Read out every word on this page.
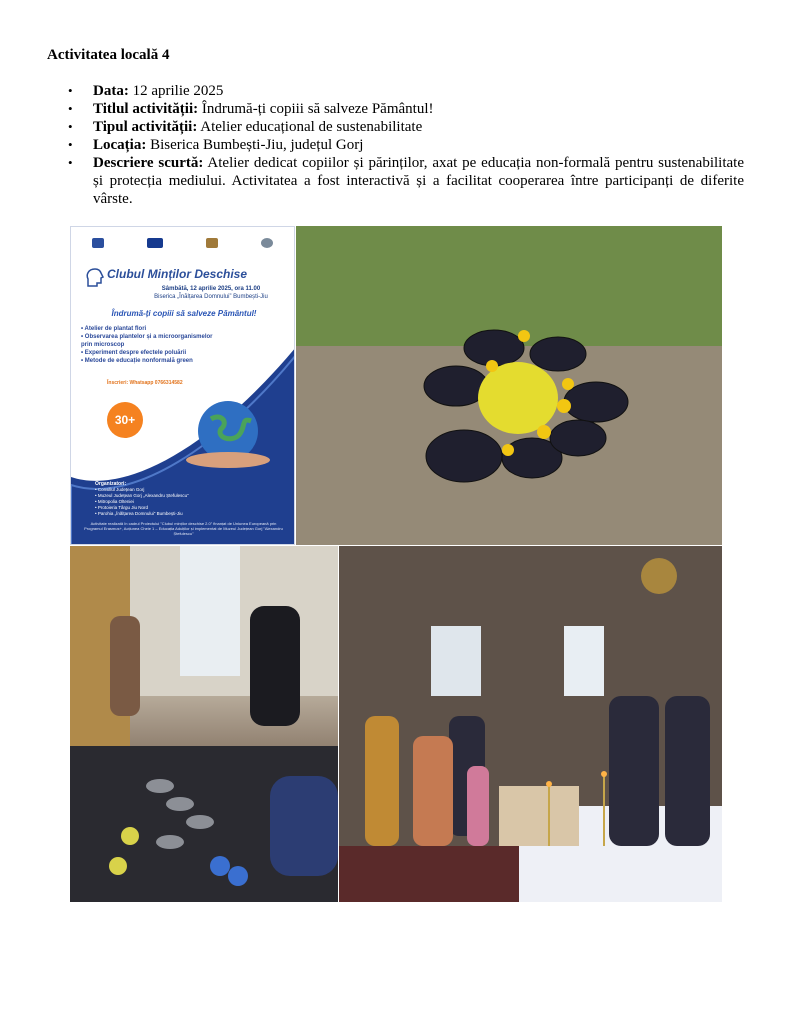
Activitatea locală 4
• Data: 12 aprilie 2025
• Titlul activității: Îndrumă-ți copiii să salveze Pământul!
• Tipul activității: Atelier educațional de sustenabilitate
• Locația: Biserica Bumbești-Jiu, județul Gorj
• Descriere scurtă: Atelier dedicat copiilor și părinților, axat pe educația non-formală pentru sustenabilitate și protecția mediului. Activitatea a fost interactivă și a facilitat cooperarea între participanți de diferite vârste.
Clubul Minților Deschise
Sâmbătă, 12 aprilie 2025, ora 11.00
Biserica „Înălțarea Domnului” Bumbești-Jiu
Îndrumă-ți copiii să salveze Pământul!
• Atelier de plantat flori
• Observarea plantelor și a microorganismelor prin microscop
• Experiment despre efectele poluării
• Metode de educație nonformală green
Înscrieri: Whatsapp 0766314582
30+
Organizatori:
• Consiliul Județean Gorj
• Muzeul Județean Gorj „Alexandru Ștefulescu”
• Mitropolia Olteniei
• Protoieria Târgu Jiu Nord
• Parohia „Înălțarea Domnului” Bumbești-Jiu
Activitate realizată în cadrul Proiectului "Clubul minților deschise 2.0" finanțat de Uniunea Europeană prin Programul Erasmus+, Acțiunea Cheie 1 – Educația Adulților și implementat de Muzeul Județean Gorj "Alexandru Ștefulescu"
